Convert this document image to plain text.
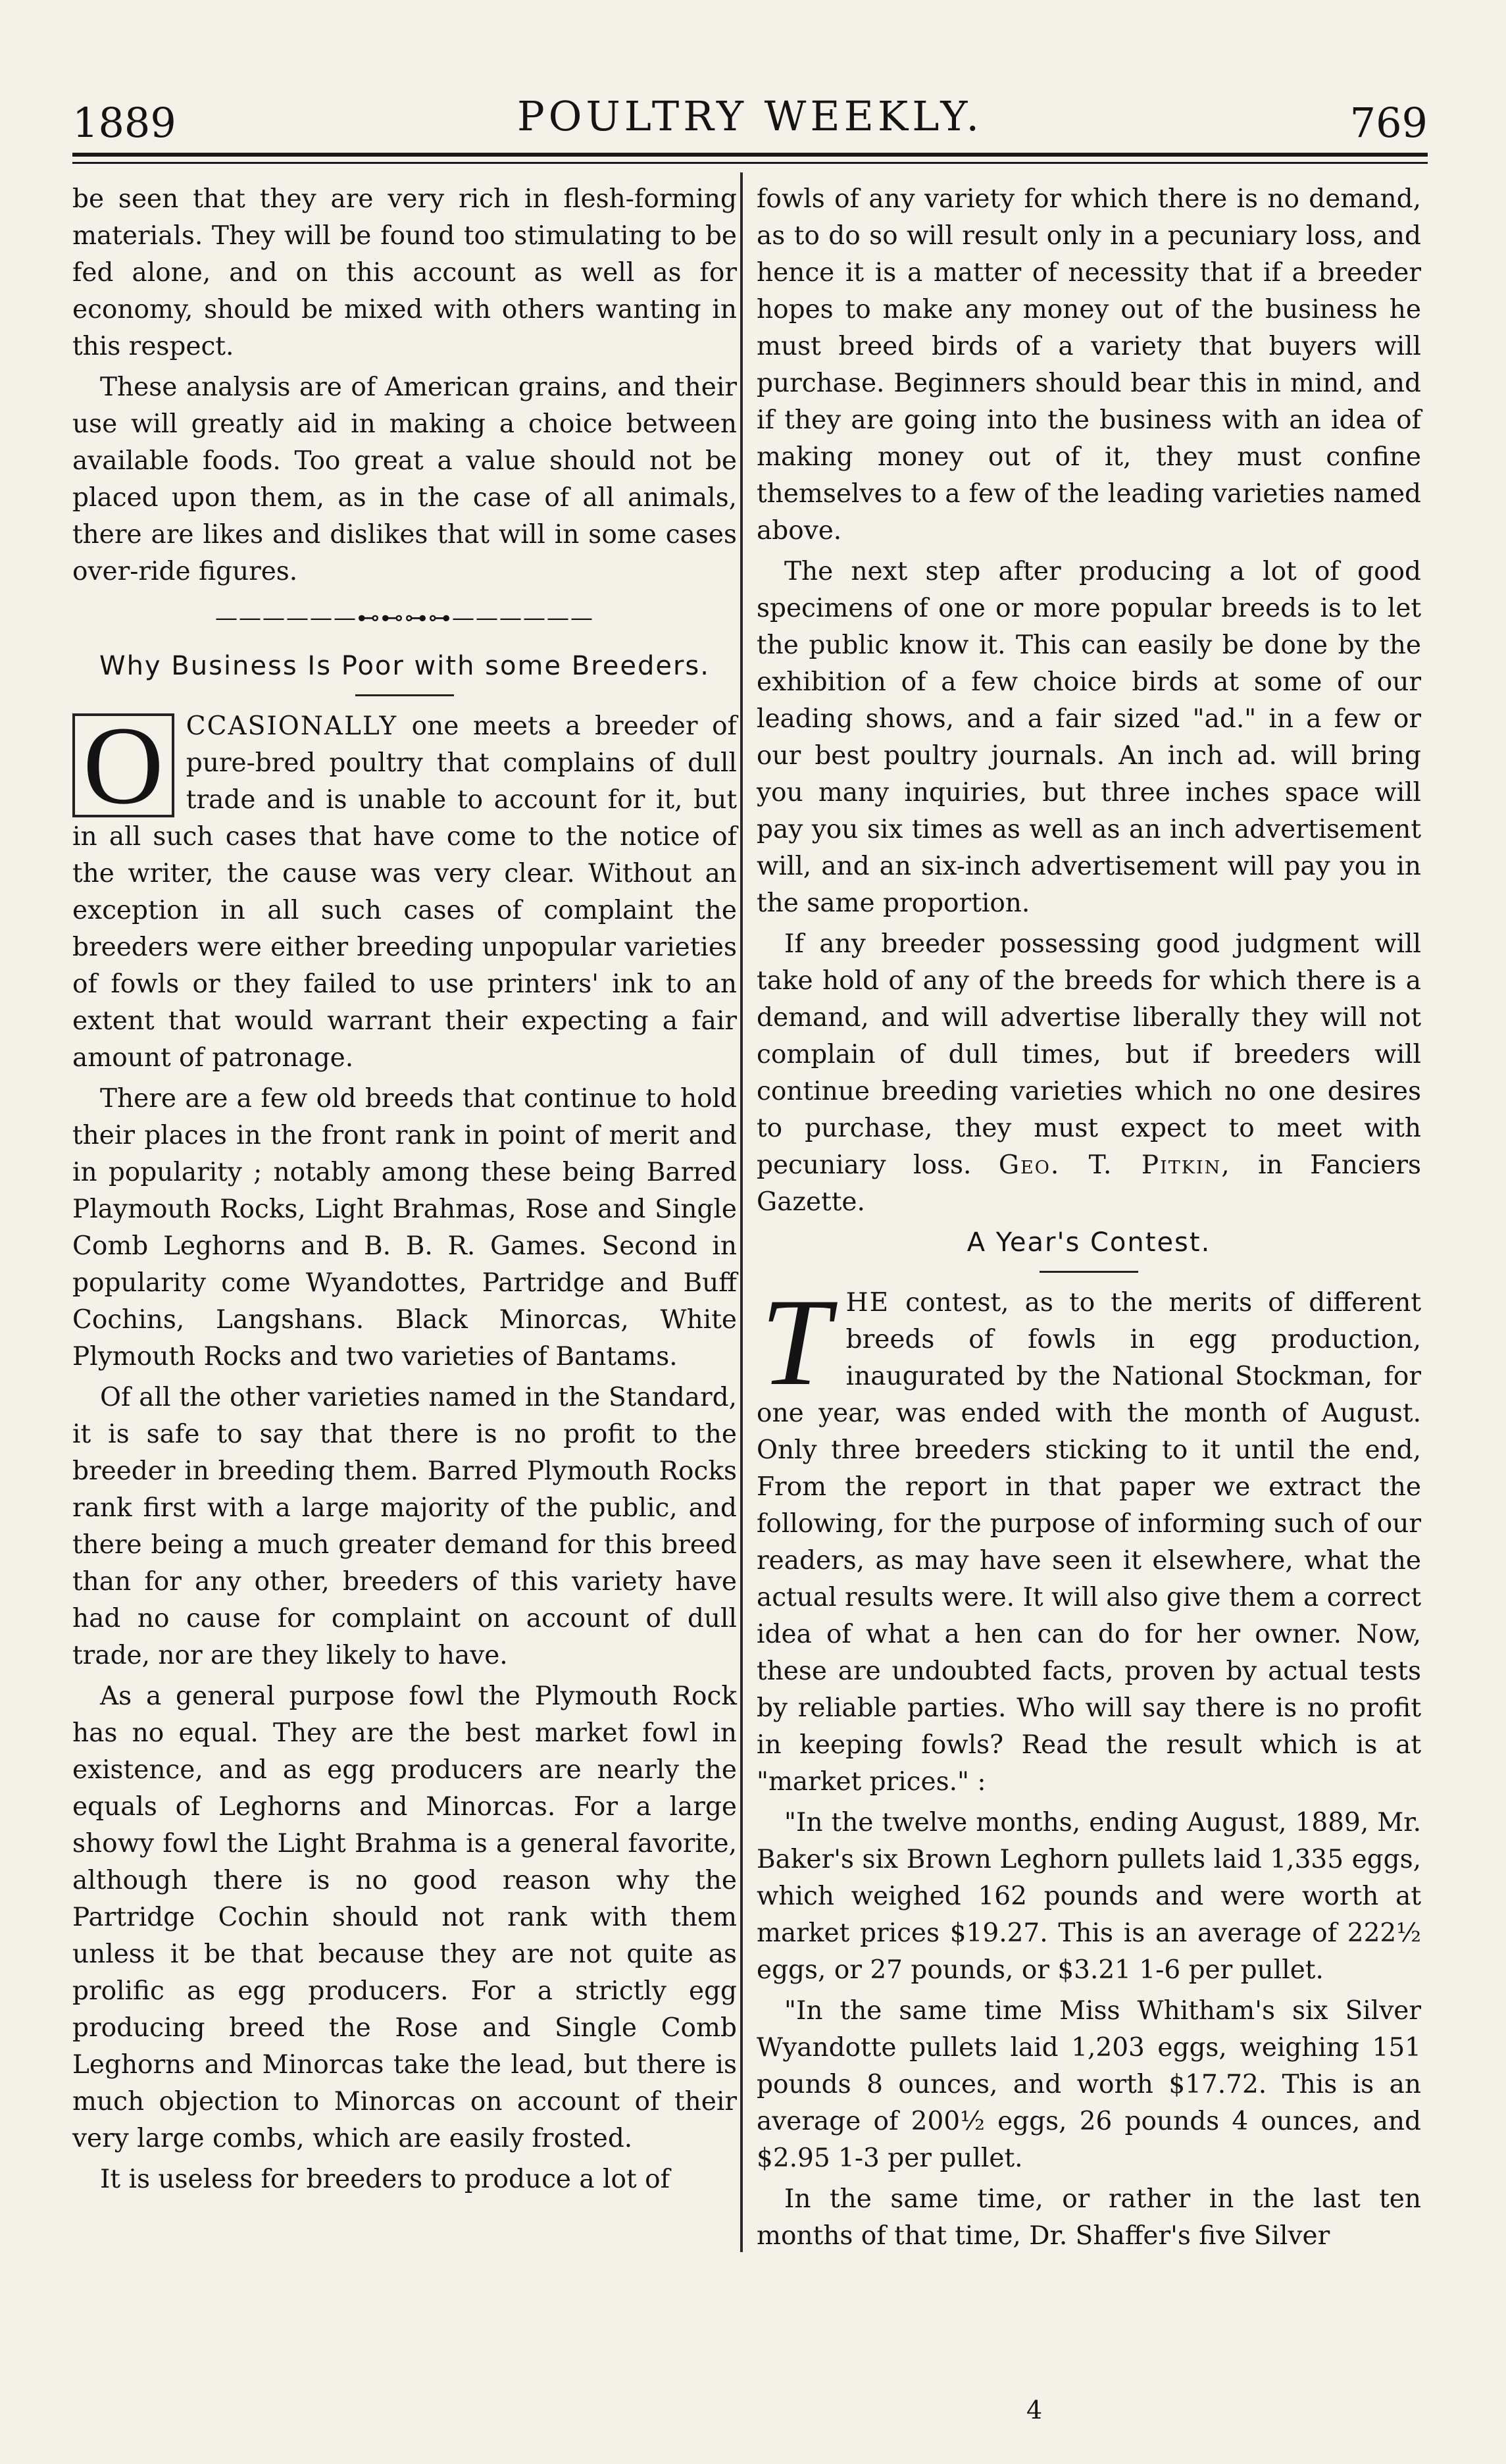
1889	POULTRY WEEKLY.	769

be seen that they are very rich in flesh-forming materials. They will be found too stimulating to be fed alone, and on this account as well as for economy, should be mixed with others wanting in this respect.

These analysis are of American grains, and their use will greatly aid in making a choice between available foods. Too great a value should not be placed upon them, as in the case of all animals, there are likes and dislikes that will in some cases over-ride figures.

——————⊷⊷⊶⊶——————
Why Business Is Poor with some Breeders.

O CCASIONALLY one meets a breeder of pure-bred poultry that complains of dull trade and is unable to account for it, but in all such cases that have come to the notice of the writer, the cause was very clear. Without an exception in all such cases of complaint the breeders were either breeding unpopular varieties of fowls or they failed to use printers' ink to an extent that would warrant their expecting a fair amount of patronage.

There are a few old breeds that continue to hold their places in the front rank in point of merit and in popularity ; notably among these being Barred Playmouth Rocks, Light Brahmas, Rose and Single Comb Leghorns and B. B. R. Games. Second in popularity come Wyandottes, Partridge and Buff Cochins, Langshans. Black Minorcas, White Plymouth Rocks and two varieties of Bantams.

Of all the other varieties named in the Standard, it is safe to say that there is no profit to the breeder in breeding them. Barred Plymouth Rocks rank first with a large majority of the public, and there being a much greater demand for this breed than for any other, breeders of this variety have had no cause for complaint on account of dull trade, nor are they likely to have.

As a general purpose fowl the Plymouth Rock has no equal. They are the best market fowl in existence, and as egg producers are nearly the equals of Leghorns and Minorcas. For a large showy fowl the Light Brahma is a general favorite, although there is no good reason why the Partridge Cochin should not rank with them unless it be that because they are not quite as prolific as egg producers. For a strictly egg producing breed the Rose and Single Comb Leghorns and Minorcas take the lead, but there is much objection to Minorcas on account of their very large combs, which are easily frosted.

It is useless for breeders to produce a lot of

fowls of any variety for which there is no demand, as to do so will result only in a pecuniary loss, and hence it is a matter of necessity that if a breeder hopes to make any money out of the business he must breed birds of a variety that buyers will purchase. Beginners should bear this in mind, and if they are going into the business with an idea of making money out of it, they must confine themselves to a few of the leading varieties named above.

The next step after producing a lot of good specimens of one or more popular breeds is to let the public know it. This can easily be done by the exhibition of a few choice birds at some of our leading shows, and a fair sized "ad." in a few or our best poultry journals. An inch ad. will bring you many inquiries, but three inches space will pay you six times as well as an inch advertisement will, and an six-inch advertisement will pay you in the same proportion.

If any breeder possessing good judgment will take hold of any of the breeds for which there is a demand, and will advertise liberally they will not complain of dull times, but if breeders will continue breeding varieties which no one desires to purchase, they must expect to meet with pecuniary loss. Geo. T. Pitkin, in Fanciers Gazette.

A Year's Contest.

THE contest, as to the merits of different breeds of fowls in egg production, inaugurated by the National Stockman, for one year, was ended with the month of August. Only three breeders sticking to it until the end, From the report in that paper we extract the following, for the purpose of informing such of our readers, as may have seen it elsewhere, what the actual results were. It will also give them a correct idea of what a hen can do for her owner. Now, these are undoubted facts, proven by actual tests by reliable parties. Who will say there is no profit in keeping fowls? Read the result which is at "market prices." :

"In the twelve months, ending August, 1889, Mr. Baker's six Brown Leghorn pullets laid 1,335 eggs, which weighed 162 pounds and were worth at market prices $19.27. This is an average of 222½ eggs, or 27 pounds, or $3.21 1-6 per pullet.

"In the same time Miss Whitham's six Silver Wyandotte pullets laid 1,203 eggs, weighing 151 pounds 8 ounces, and worth $17.72. This is an average of 200½ eggs, 26 pounds 4 ounces, and $2.95 1-3 per pullet.

In the same time, or rather in the last ten months of that time, Dr. Shaffer's five Silver

4
